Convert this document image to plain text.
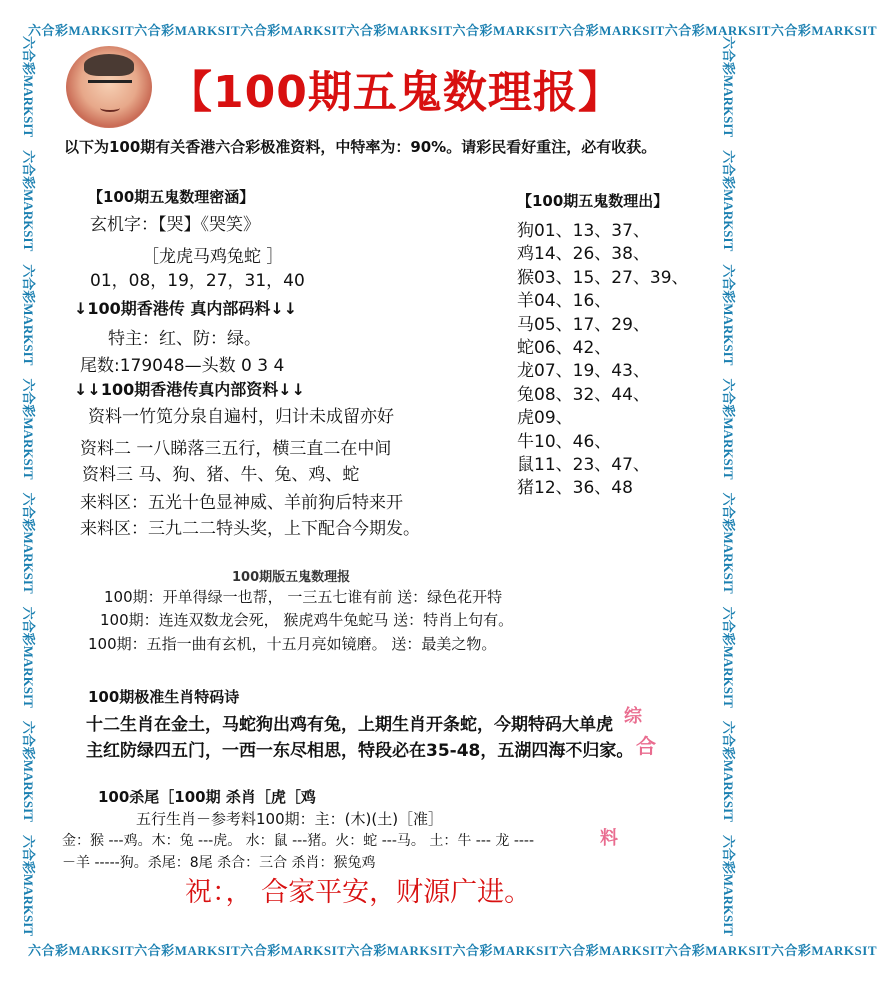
六合彩MARKSIT 六合彩MARKSIT 六合彩MARKSIT 六合彩MARKSIT 六合彩MARKSIT 六合彩MARKSIT 六合彩MARKSIT 六合彩MARKSIT
六合彩MARKSIT 六合彩MARKSIT 六合彩MARKSIT 六合彩MARKSIT 六合彩MARKSIT 六合彩MARKSIT 六合彩MARKSIT 六合彩MARKSIT
六合彩MARKSIT
六合彩MARKSIT
六合彩MARKSIT
六合彩MARKSIT
六合彩MARKSIT
六合彩MARKSIT
六合彩MARKSIT
六合彩MARKSIT
六合彩MARKSIT
六合彩MARKSIT
六合彩MARKSIT
六合彩MARKSIT
六合彩MARKSIT
六合彩MARKSIT
六合彩MARKSIT
六合彩MARKSIT
【100期五鬼数理报】
以下为100期有关香港六合彩极准资料，中特率为：90%。请彩民看好重注，必有收获。
【100期五鬼数理密涵】
玄机字：【哭】《哭笑》
［龙虎马鸡兔蛇 ］
01，08，19，27，31，40
↓100期香港传 真内部码料↓↓
特主：红、防：绿。
尾数:179048—头数 0 3 4
↓↓100期香港传真内部资料↓↓
资料一竹笕分泉自遍村，归计未成留亦好
资料二 一八睇落三五行，横三直二在中间
资料三 马、狗、猪、牛、兔、鸡、蛇
来料区：五光十色显神威、羊前狗后特来开
来料区：三九二二特头奖，上下配合今期发。
【100期五鬼数理出】
狗01、13、37、
鸡14、26、38、
猴03、15、27、39、
羊04、16、
马05、17、29、
蛇06、42、
龙07、19、43、
兔08、32、44、
虎09、
牛10、46、
鼠11、23、47、
猪12、36、48
100期版五鬼数理报
100期：开单得绿一也帮， 一三五七谁有前 送：绿色花开特
100期：连连双数龙会死， 猴虎鸡牛兔蛇马 送：特肖上句有。
100期：五指一曲有玄机，十五月亮如镜磨。 送：最美之物。
100期极准生肖特码诗
十二生肖在金土，马蛇狗出鸡有兔，上期生肖开条蛇，今期特码大单虎
主红防绿四五门，一西一东尽相思，特段必在35-48，五湖四海不归家。
综
合
100杀尾［100期 杀肖［虎［鸡
五行生肖－参考料100期：主：(木)(土)［准］
金：猴 ---鸡。木：兔 ---虎。 水：鼠 ---猪。火：蛇 ---马。 土：牛 --- 龙 ----
－羊 -----狗。杀尾：8尾 杀合：三合 杀肖：猴兔鸡
料
祝：， 合家平安，财源广进。
